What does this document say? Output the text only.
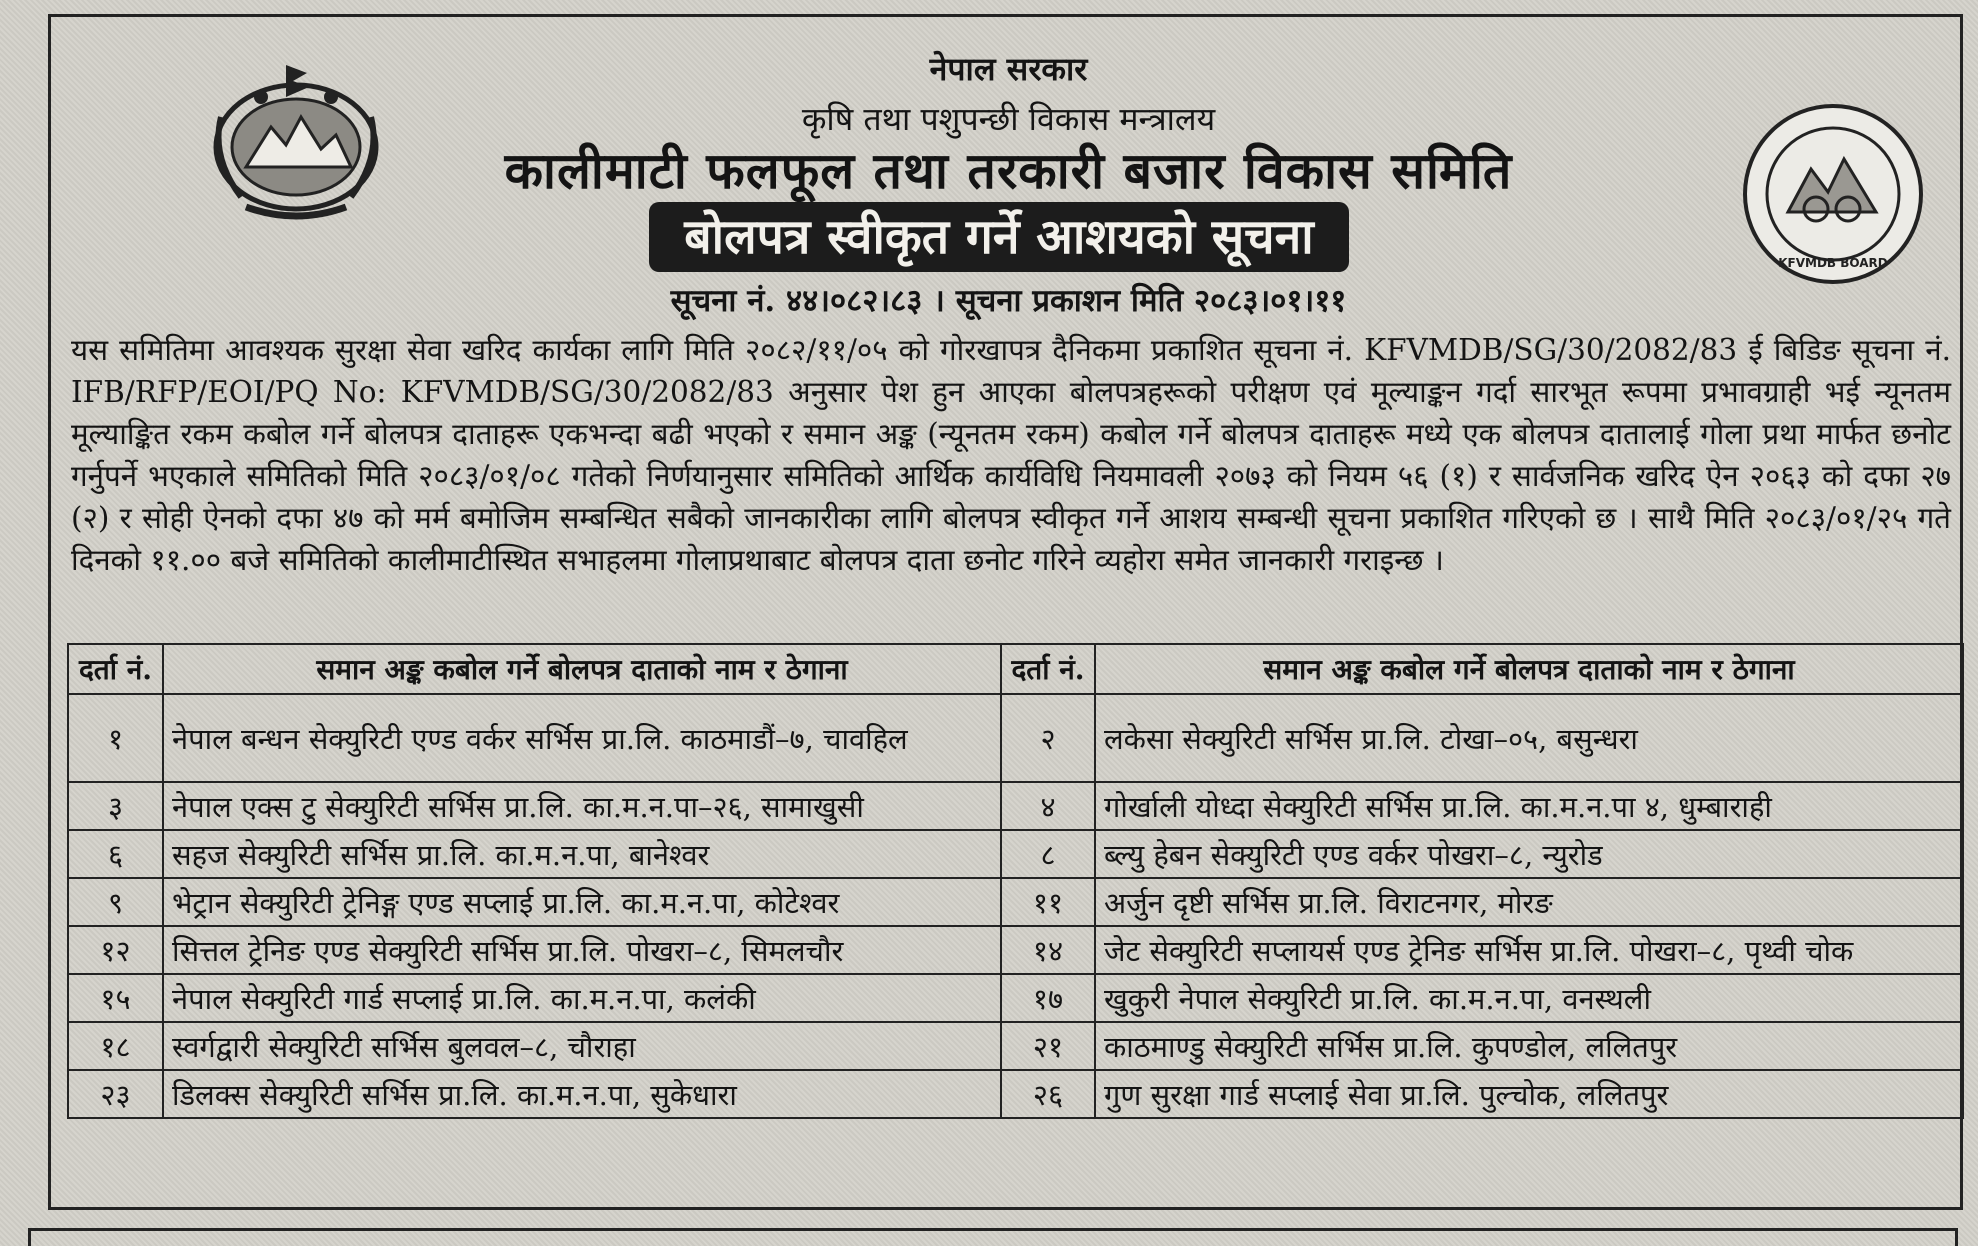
KFVMDB BOARD
नेपाल सरकार
कृषि तथा पशुपन्छी विकास मन्त्रालय
कालीमाटी फलफूल तथा तरकारी बजार विकास समिति
बोलपत्र स्वीकृत गर्ने आशयको सूचना
सूचना नं. ४४।०८२।८३ । सूचना प्रकाशन मिति २०८३।०१।११
यस समितिमा आवश्यक सुरक्षा सेवा खरिद कार्यका लागि मिति २०८२/११/०५ को गोरखापत्र दैनिकमा प्रकाशित सूचना नं. KFVMDB/SG/30/2082/83 ई बिडिङ सूचना नं. IFB/RFP/EOI/PQ No: KFVMDB/SG/30/2082/83 अनुसार पेश हुन आएका बोलपत्रहरूको परीक्षण एवं मूल्याङ्कन गर्दा सारभूत रूपमा प्रभावग्राही भई न्यूनतम मूल्याङ्कित रकम कबोल गर्ने बोलपत्र दाताहरू एकभन्दा बढी भएको र समान अङ्क (न्यूनतम रकम) कबोल गर्ने बोलपत्र दाताहरू मध्ये एक बोलपत्र दातालाई गोला प्रथा मार्फत छनोट गर्नुपर्ने भएकाले समितिको मिति २०८३/०१/०८ गतेको निर्णयानुसार समितिको आर्थिक कार्यविधि नियमावली २०७३ को नियम ५६ (१) र सार्वजनिक खरिद ऐन २०६३ को दफा २७ (२) र सोही ऐनको दफा ४७ को मर्म बमोजिम सम्बन्धित सबैको जानकारीका लागि बोलपत्र स्वीकृत गर्ने आशय सम्बन्धी सूचना प्रकाशित गरिएको छ । साथै मिति २०८३/०१/२५ गते दिनको ११.०० बजे समितिको कालीमाटीस्थित सभाहलमा गोलाप्रथाबाट बोलपत्र दाता छनोट गरिने व्यहोरा समेत जानकारी गराइन्छ ।
दर्ता नं.	समान अङ्क कबोल गर्ने बोलपत्र दाताको नाम र ठेगाना	दर्ता नं.	समान अङ्क कबोल गर्ने बोलपत्र दाताको नाम र ठेगाना
१	नेपाल बन्धन सेक्युरिटी एण्ड वर्कर सर्भिस प्रा.लि. काठमाडौं–७, चावहिल	२	लकेसा सेक्युरिटी सर्भिस प्रा.लि. टोखा–०५, बसुन्धरा
३	नेपाल एक्स टु सेक्युरिटी सर्भिस प्रा.लि. का.म.न.पा–२६, सामाखुसी	४	गोर्खाली योध्दा सेक्युरिटी सर्भिस प्रा.लि. का.म.न.पा ४, धुम्बाराही
६	सहज सेक्युरिटी सर्भिस प्रा.लि. का.म.न.पा, बानेश्वर	८	ब्ल्यु हेबन सेक्युरिटी एण्ड वर्कर पोखरा–८, न्युरोड
९	भेट्रान सेक्युरिटी ट्रेनिङ्ग एण्ड सप्लाई प्रा.लि. का.म.न.पा, कोटेश्वर	११	अर्जुन दृष्टी सर्भिस प्रा.लि. विराटनगर, मोरङ
१२	सित्तल ट्रेनिङ एण्ड सेक्युरिटी सर्भिस प्रा.लि. पोखरा–८, सिमलचौर	१४	जेट सेक्युरिटी सप्लायर्स एण्ड ट्रेनिङ सर्भिस प्रा.लि. पोखरा–८, पृथ्वी चोक
१५	नेपाल सेक्युरिटी गार्ड सप्लाई प्रा.लि. का.म.न.पा, कलंकी	१७	खुकुरी नेपाल सेक्युरिटी प्रा.लि. का.म.न.पा, वनस्थली
१८	स्वर्गद्वारी सेक्युरिटी सर्भिस बुलवल–८, चौराहा	२१	काठमाण्डु सेक्युरिटी सर्भिस प्रा.लि. कुपण्डोल, ललितपुर
२३	डिलक्स सेक्युरिटी सर्भिस प्रा.लि. का.म.न.पा, सुकेधारा	२६	गुण सुरक्षा गार्ड सप्लाई सेवा प्रा.लि. पुल्चोक, ललितपुर
